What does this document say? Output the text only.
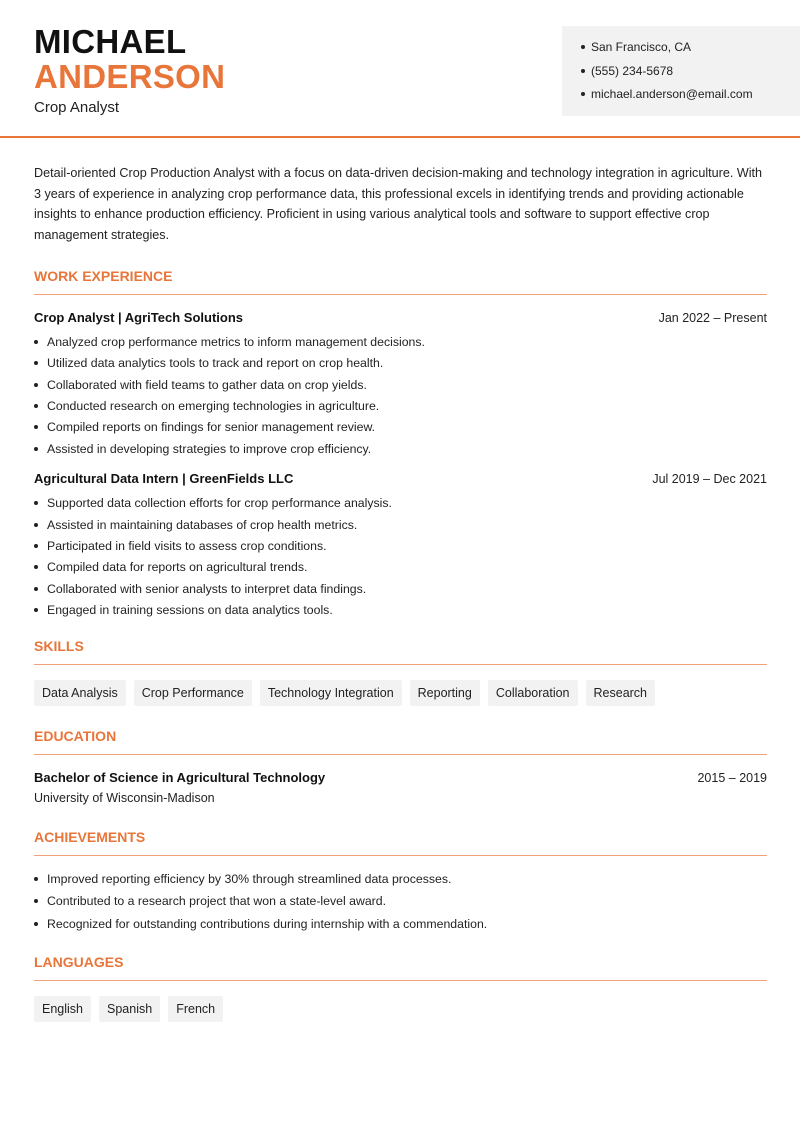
MICHAEL
ANDERSON
Crop Analyst
San Francisco, CA
(555) 234-5678
michael.anderson@email.com

Detail-oriented Crop Production Analyst with a focus on data-driven decision-making and technology integration in agriculture. With 3 years of experience in analyzing crop performance data, this professional excels in identifying trends and providing actionable insights to enhance production efficiency. Proficient in using various analytical tools and software to support effective crop management strategies.

WORK EXPERIENCE
Crop Analyst | AgriTech Solutions	Jan 2022 – Present
Analyzed crop performance metrics to inform management decisions.
Utilized data analytics tools to track and report on crop health.
Collaborated with field teams to gather data on crop yields.
Conducted research on emerging technologies in agriculture.
Compiled reports on findings for senior management review.
Assisted in developing strategies to improve crop efficiency.
Agricultural Data Intern | GreenFields LLC	Jul 2019 – Dec 2021
Supported data collection efforts for crop performance analysis.
Assisted in maintaining databases of crop health metrics.
Participated in field visits to assess crop conditions.
Compiled data for reports on agricultural trends.
Collaborated with senior analysts to interpret data findings.
Engaged in training sessions on data analytics tools.
SKILLS
Data Analysis	Crop Performance	Technology Integration	Reporting	Collaboration	Research
EDUCATION
Bachelor of Science in Agricultural Technology	2015 – 2019
University of Wisconsin-Madison
ACHIEVEMENTS
Improved reporting efficiency by 30% through streamlined data processes.
Contributed to a research project that won a state-level award.
Recognized for outstanding contributions during internship with a commendation.
LANGUAGES
English	Spanish	French
